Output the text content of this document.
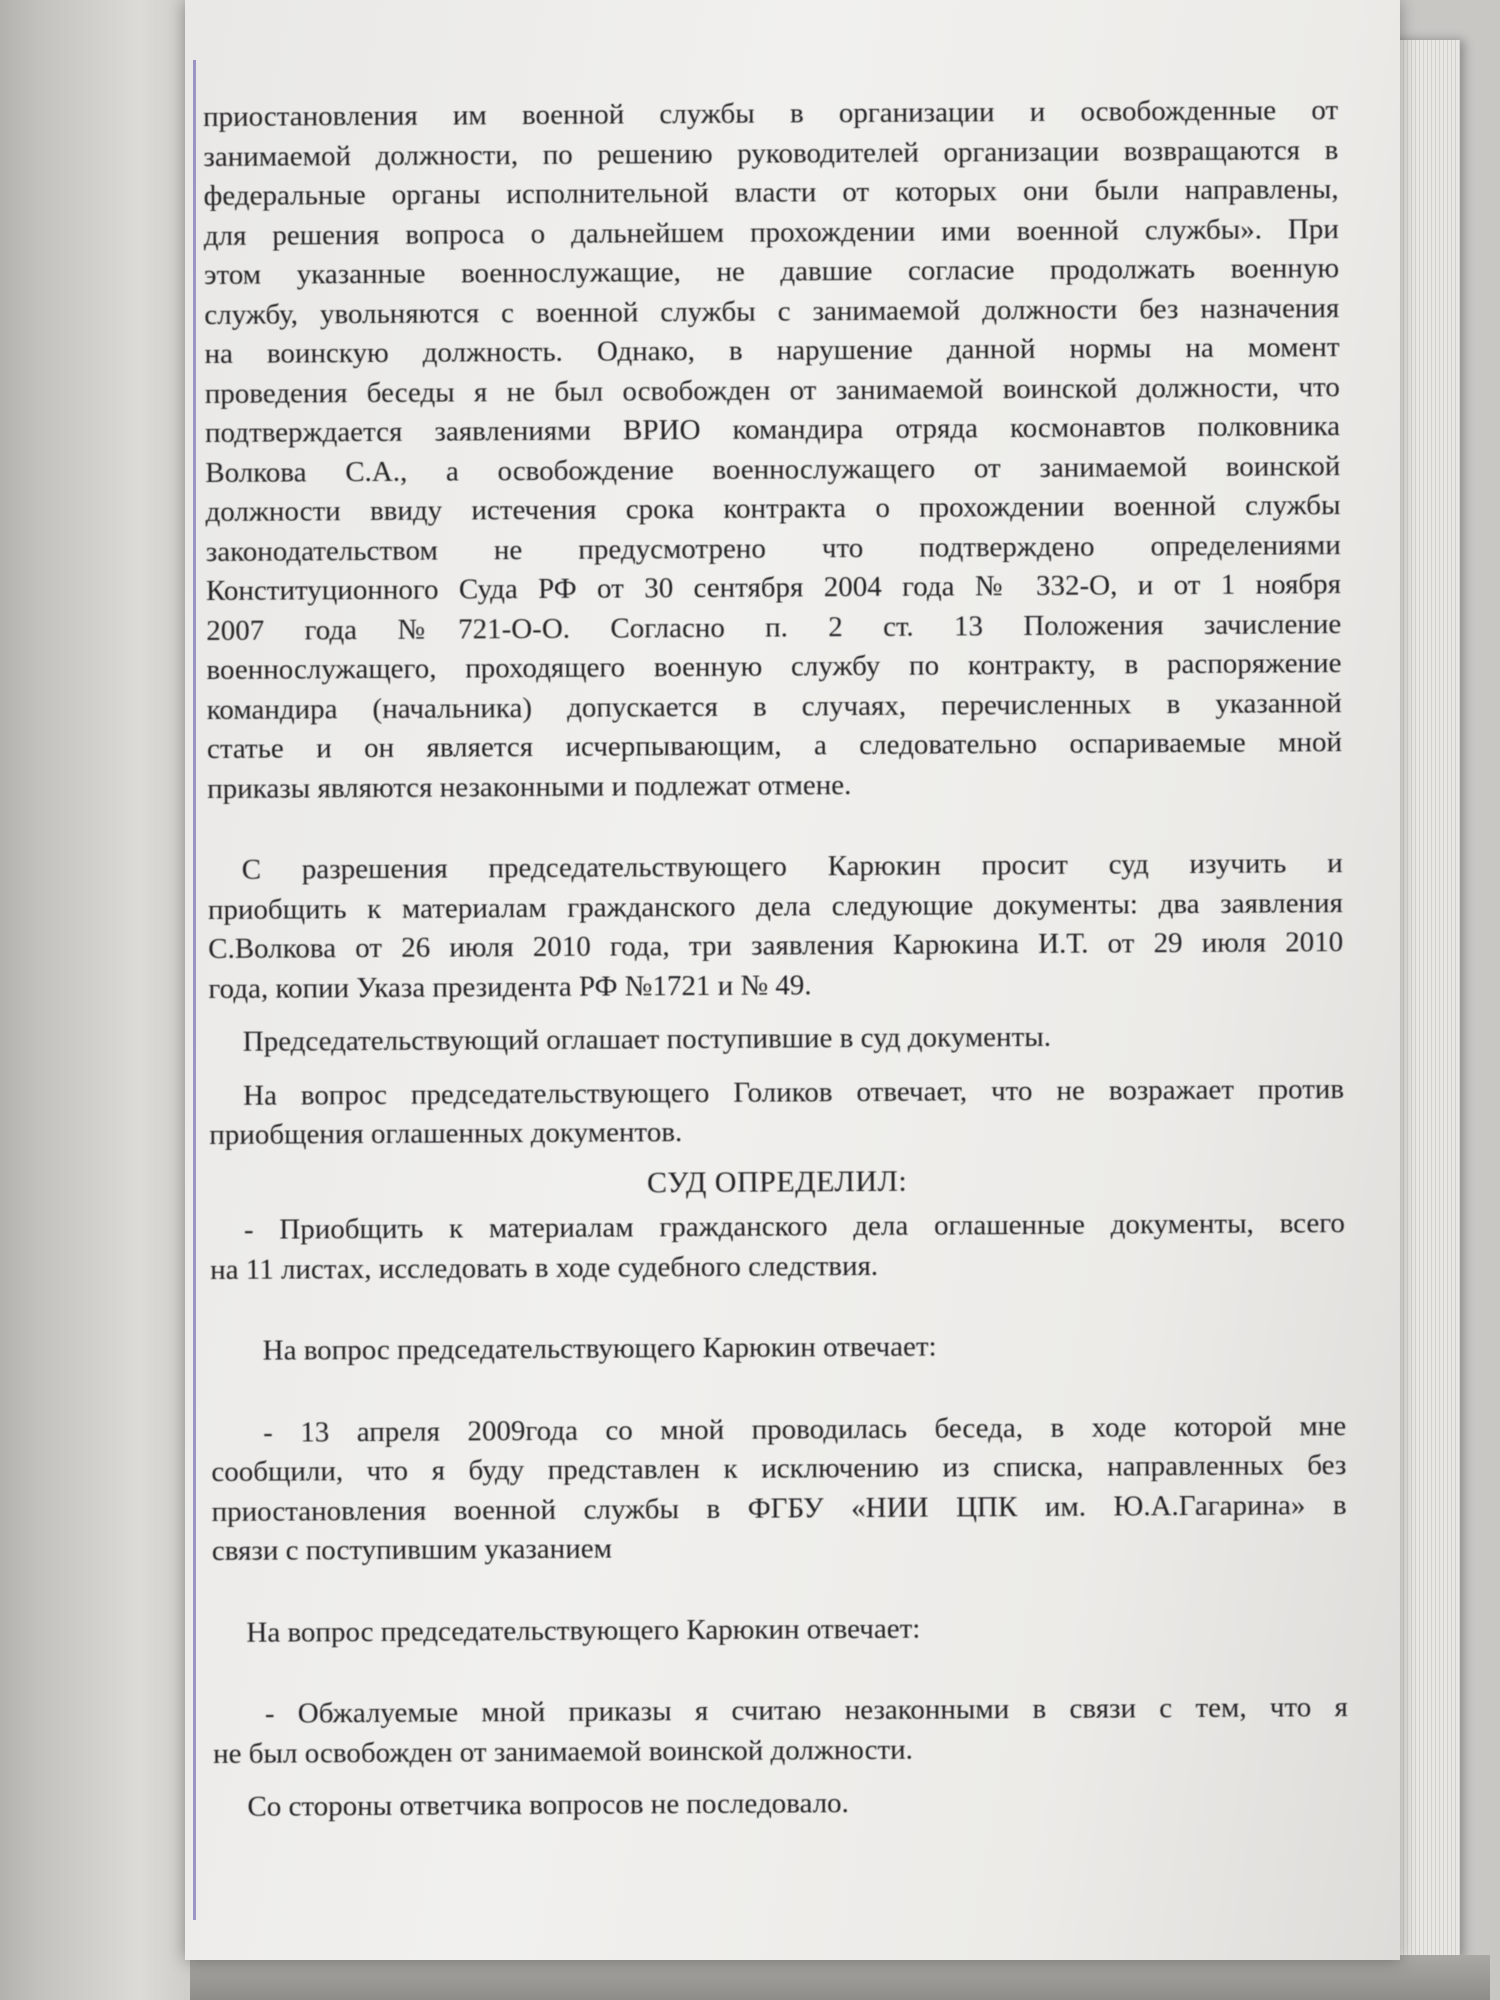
приостановления им военной службы в организации и освобожденные от
занимаемой должности, по решению руководителей организации возвращаются в
федеральные органы исполнительной власти от которых они были направлены,
для решения вопроса о дальнейшем прохождении ими военной службы». При
этом указанные военнослужащие, не давшие согласие продолжать военную
службу, увольняются с военной службы с занимаемой должности без назначения
на воинскую должность. Однако, в нарушение данной нормы на момент
проведения беседы я не был освобожден от занимаемой воинской должности, что
подтверждается заявлениями ВРИО командира отряда космонавтов полковника
Волкова С.А., а освобождение военнослужащего от занимаемой воинской
должности ввиду истечения срока контракта о прохождении военной службы
законодательством не предусмотрено что подтверждено определениями
Конституционного Суда РФ от 30 сентября 2004 года № 332-О, и от 1 ноября
2007 года №721-О-О. Согласно п. 2 ст. 13 Положения зачисление
военнослужащего, проходящего военную службу по контракту, в распоряжение
командира (начальника) допускается в случаях, перечисленных в указанной
статье и он является исчерпывающим, а следовательно оспариваемые мной
приказы являются незаконными и подлежат отмене.
С разрешения председательствующего Карюкин просит суд изучить и
приобщить к материалам гражданского дела следующие документы: два заявления
С.Волкова от 26 июля 2010 года, три заявления Карюкина И.Т. от 29 июля 2010
года, копии Указа президента РФ №1721 и № 49.
Председательствующий оглашает поступившие в суд документы.
На вопрос председательствующего Голиков отвечает, что не возражает против
приобщения оглашенных документов.
СУД ОПРЕДЕЛИЛ:
- Приобщить к материалам гражданского дела оглашенные документы, всего
на 11 листах, исследовать в ходе судебного следствия.
На вопрос председательствующего Карюкин отвечает:
- 13 апреля 2009года со мной проводилась беседа, в ходе которой мне
сообщили, что я буду представлен к исключению из списка, направленных без
приостановления военной службы в ФГБУ «НИИ ЦПК им. Ю.А.Гагарина» в
связи с поступившим указанием
На вопрос председательствующего Карюкин отвечает:
- Обжалуемые мной приказы я считаю незаконными в связи с тем, что я
не был освобожден от занимаемой воинской должности.
Со стороны ответчика вопросов не последовало.
